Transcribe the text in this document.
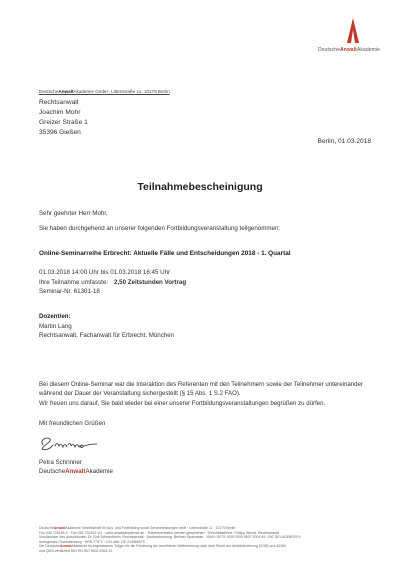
DeutscheAnwaltAkademie
DeutscheAnwaltAkademie GmbH, Littenstraße 11, 10179 Berlin
Rechtsanwalt
Joachim Mohr
Greizer Straße 1
35396 Gießen
Berlin, 01.03.2018
Teilnahmebescheinigung
Sehr geehrter Herr Mohr,
Sie haben durchgehend an unserer folgenden Fortbildungsveranstaltung teilgenommen:
Online-Seminarreihe Erbrecht: Aktuelle Fälle und Entscheidungen 2018 - 1. Quartal
01.03.2018 14:00 Uhr bis 01.03.2018 16:45 Uhr
Ihre Teilnahme umfasste: 2,50 Zeitstunden Vortrag
Seminar-Nr. 61301-18
Dozent/en:
Martin Lang
Rechtsanwalt, Fachanwalt für Erbrecht, München
Bei diesem Online-Seminar war die Interaktion des Referenten mit den Teilnehmern sowie der Teilnehmer untereinander während der Dauer der Veranstaltung sichergestellt (§ 15 Abs. 1 S.2 FAO).
Wir freuen uns darauf, Sie bald wieder bei einer unserer Fortbildungsveranstaltungen begrüßen zu dürfen.
Mit freundlichen Grüßen
Petra Schrinner
DeutscheAnwaltAkademie
DeutscheAnwaltAkademie Gesellschaft für Aus- und Fortbildung sowie Serviceleistungen mbH · Littenstraße 11 · 10179 Berlin
Fon 030 726153-0 · Fax 030 726153-111 · www.anwaltakademie.de · Teilnehmerdaten werden gespeichert · Geschäftsführer: Philipp Wendt, Rechtsanwalt
Vorsitzender des Aufsichtsrats: Dr. Rolf Schwedhelm, Rechtsanwalt · Bankverbindung: Berliner Sparkasse · IBAN: DE79 1005 0000 6607 0004 69 · BIC BELADEBEXXX
Amtsgericht Charlottenburg · HRB 77571 · USt-IdNr. DE 214986579
Die DeutscheAnwaltAkademie ist zugelassener Träger für die Förderung der beruflichen Weiterbildung nach dem Recht der Arbeitsförderung (SGB) und AZWV
und QMS-zertifiziert DIN EN ISO 9001:2008-12.
